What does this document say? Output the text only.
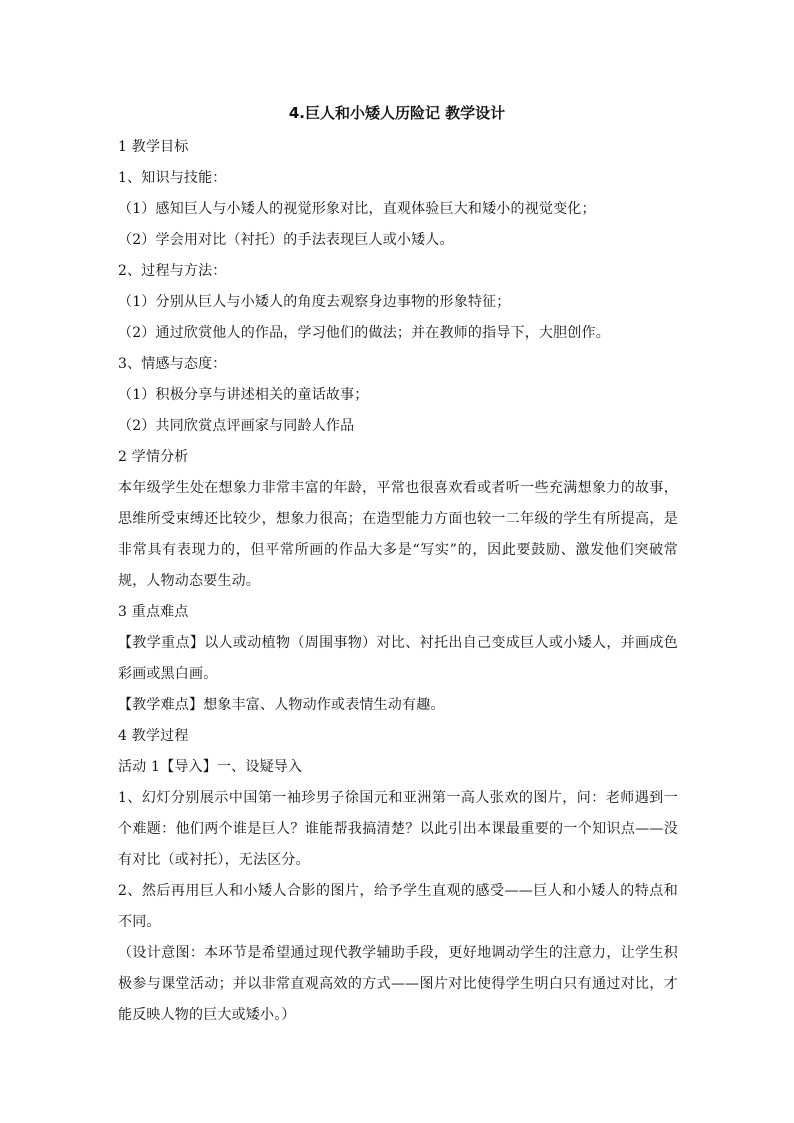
4.巨人和小矮人历险记 教学设计

1 教学目标

1、知识与技能：

（1）感知巨人与小矮人的视觉形象对比，直观体验巨大和矮小的视觉变化；

（2）学会用对比（衬托）的手法表现巨人或小矮人。

2、过程与方法：

（1）分别从巨人与小矮人的角度去观察身边事物的形象特征；

（2）通过欣赏他人的作品，学习他们的做法；并在教师的指导下，大胆创作。

3、情感与态度：

（1）积极分享与讲述相关的童话故事；

（2）共同欣赏点评画家与同龄人作品

2 学情分析

本年级学生处在想象力非常丰富的年龄，平常也很喜欢看或者听一些充满想象力的故事，思维所受束缚还比较少，想象力很高；在造型能力方面也较一二年级的学生有所提高，是非常具有表现力的，但平常所画的作品大多是“写实”的，因此要鼓励、激发他们突破常规，人物动态要生动。

3 重点难点

【教学重点】以人或动植物（周围事物）对比、衬托出自己变成巨人或小矮人，并画成色彩画或黑白画。

【教学难点】想象丰富、人物动作或表情生动有趣。

4 教学过程

活动 1【导入】一、设疑导入

1、幻灯分别展示中国第一袖珍男子徐国元和亚洲第一高人张欢的图片，问：老师遇到一个难题：他们两个谁是巨人？谁能帮我搞清楚？以此引出本课最重要的一个知识点——没有对比（或衬托），无法区分。

2、然后再用巨人和小矮人合影的图片，给予学生直观的感受——巨人和小矮人的特点和不同。

（设计意图：本环节是希望通过现代教学辅助手段，更好地调动学生的注意力，让学生积极参与课堂活动；并以非常直观高效的方式——图片对比使得学生明白只有通过对比，才能反映人物的巨大或矮小。）
